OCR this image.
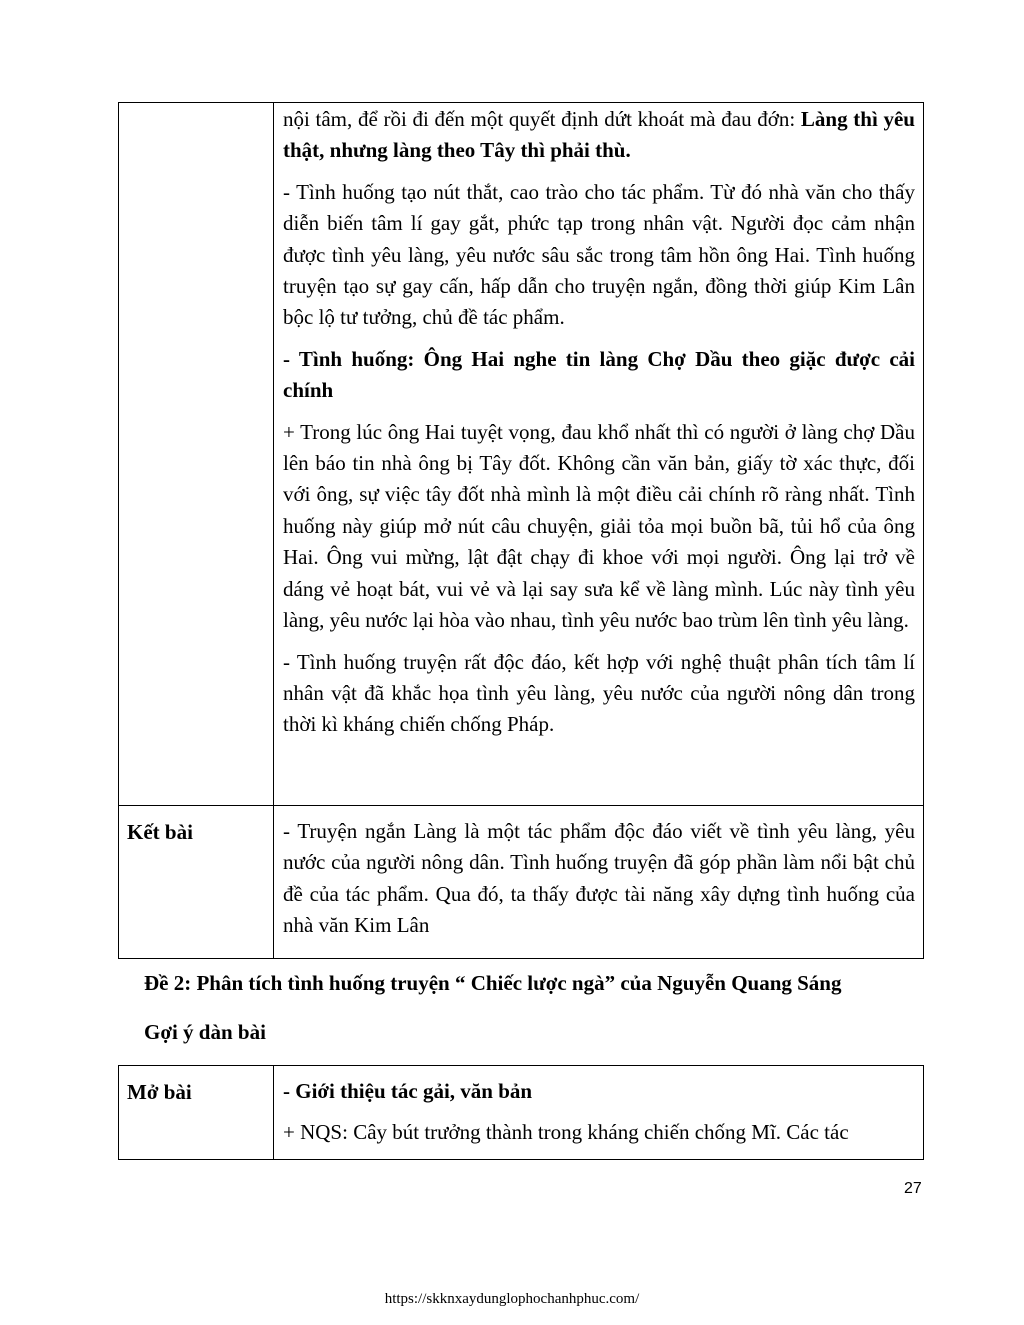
	nội tâm, để rồi đi đến một quyết định dứt khoát mà đau đớn: Làng thì yêu thật, nhưng làng theo Tây thì phải thù.

- Tình huống tạo nút thắt, cao trào cho tác phẩm. Từ đó nhà văn cho thấy diễn biến tâm lí gay gắt, phức tạp trong nhân vật. Người đọc cảm nhận được tình yêu làng, yêu nước sâu sắc trong tâm hồn ông Hai. Tình huống truyện tạo sự gay cấn, hấp dẫn cho truyện ngắn, đồng thời giúp Kim Lân bộc lộ tư tưởng, chủ đề tác phẩm.

- Tình huống: Ông Hai nghe tin làng Chợ Dầu theo giặc được cải chính

+ Trong lúc ông Hai tuyệt vọng, đau khổ nhất thì có người ở làng chợ Dầu lên báo tin nhà ông bị Tây đốt. Không cần văn bản, giấy tờ xác thực, đối với ông, sự việc tây đốt nhà mình là một điều cải chính rõ ràng nhất. Tình huống này giúp mở nút câu chuyện, giải tỏa mọi buồn bã, tủi hổ của ông Hai. Ông vui mừng, lật đật chạy đi khoe với mọi người. Ông lại trở về dáng vẻ hoạt bát, vui vẻ và lại say sưa kể về làng mình. Lúc này tình yêu làng, yêu nước lại hòa vào nhau, tình yêu nước bao trùm lên tình yêu làng.

- Tình huống truyện rất độc đáo, kết hợp với nghệ thuật phân tích tâm lí nhân vật đã khắc họa tình yêu làng, yêu nước của người nông dân trong thời kì kháng chiến chống Pháp.

Kết bài	- Truyện ngắn Làng là một tác phẩm độc đáo viết về tình yêu làng, yêu nước của người nông dân. Tình huống truyện đã góp phần làm nổi bật chủ đề của tác phẩm. Qua đó, ta thấy được tài năng xây dựng tình huống của nhà văn Kim Lân

Đề 2: Phân tích tình huống truyện “ Chiếc lược ngà” của Nguyễn Quang Sáng

Gợi ý dàn bài

Mở bài	- Giới thiệu tác gải, văn bản

+ NQS: Cây bút trưởng thành trong kháng chiến chống Mĩ. Các tác

27
https://skknxaydunglophochanhphuc.com/
